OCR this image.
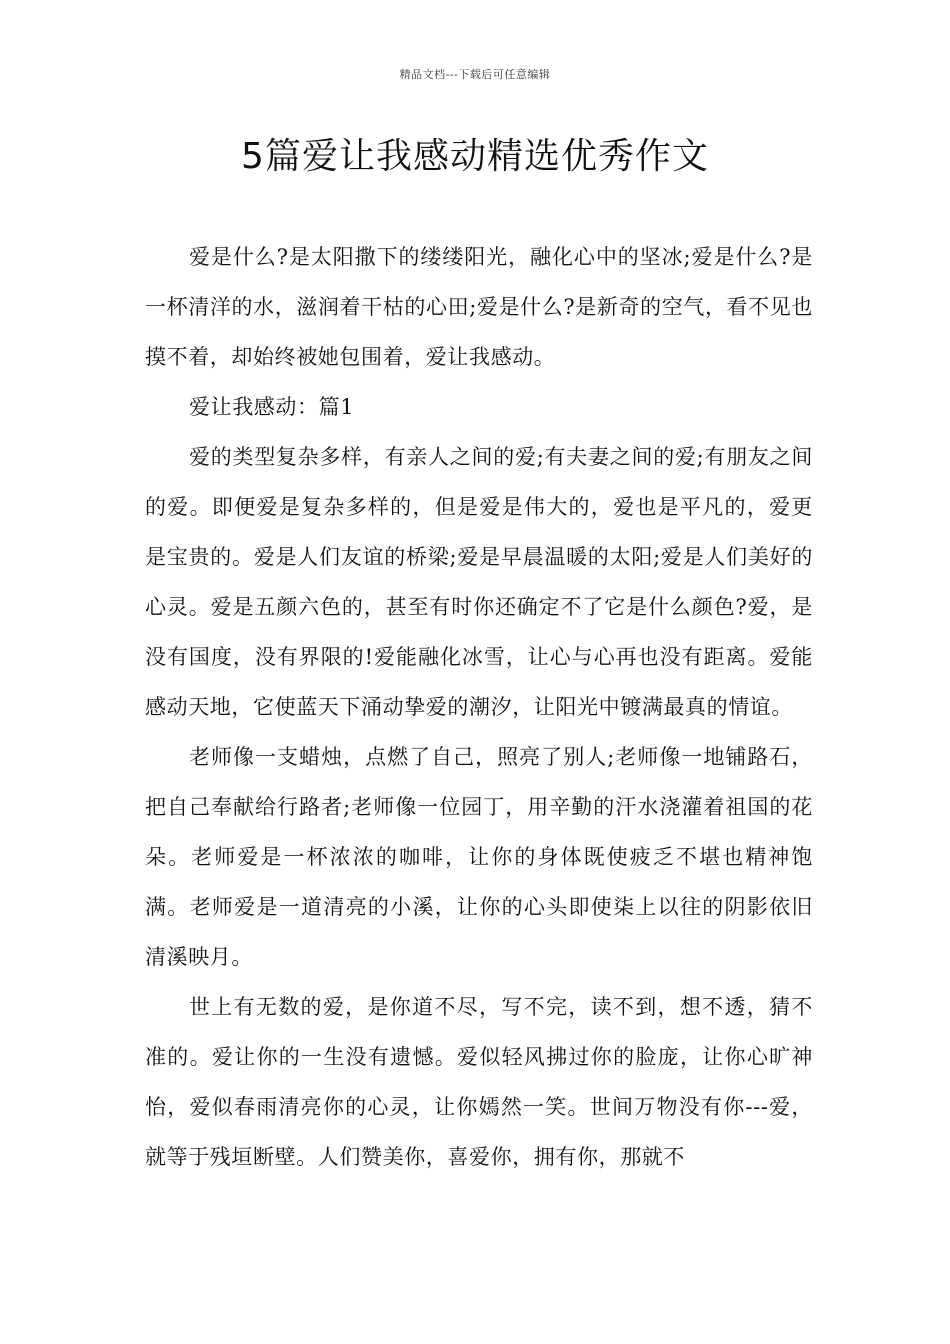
精品文档---下载后可任意编辑
5篇爱让我感动精选优秀作文

爱是什么?是太阳撒下的缕缕阳光，融化心中的坚冰;爱是什么?是一杯清洋的水，滋润着干枯的心田;爱是什么?是新奇的空气，看不见也摸不着，却始终被她包围着，爱让我感动。

爱让我感动：篇1

爱的类型复杂多样，有亲人之间的爱;有夫妻之间的爱;有朋友之间的爱。即便爱是复杂多样的，但是爱是伟大的，爱也是平凡的，爱更是宝贵的。爱是人们友谊的桥梁;爱是早晨温暖的太阳;爱是人们美好的心灵。爱是五颜六色的，甚至有时你还确定不了它是什么颜色?爱，是没有国度，没有界限的!爱能融化冰雪，让心与心再也没有距离。爱能感动天地，它使蓝天下涌动挚爱的潮汐，让阳光中镀满最真的情谊。

老师像一支蜡烛，点燃了自己，照亮了别人;老师像一地铺路石，把自己奉献给行路者;老师像一位园丁，用辛勤的汗水浇灌着祖国的花朵。老师爱是一杯浓浓的咖啡，让你的身体既使疲乏不堪也精神饱满。老师爱是一道清亮的小溪，让你的心头即使柒上以往的阴影依旧清溪映月。

世上有无数的爱，是你道不尽，写不完，读不到，想不透，猜不准的。爱让你的一生没有遗憾。爱似轻风拂过你的脸庞，让你心旷神怡，爱似春雨清亮你的心灵，让你嫣然一笑。世间万物没有你---爱，就等于残垣断壁。人们赞美你，喜爱你，拥有你，那就不
